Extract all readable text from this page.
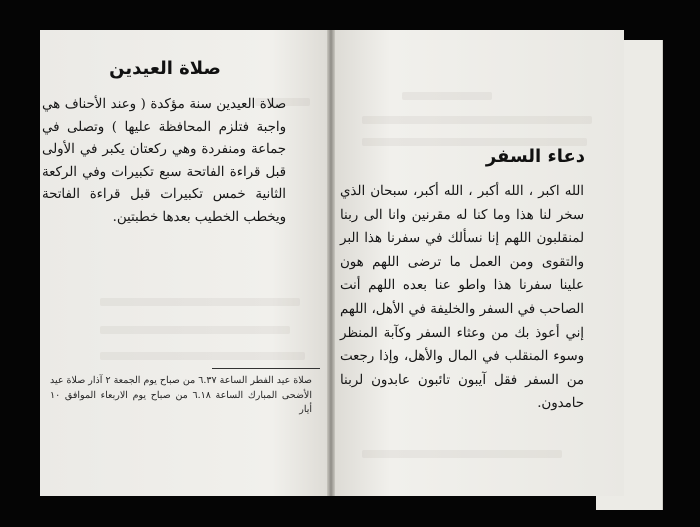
صلاة العيدين
صلاة العيدين سنة مؤكدة ( وعند الأحناف هي واجبة فتلزم المحافظة عليها ) وتصلى في جماعة ومنفردة وهي ركعتان يكبر في الأولى قبل قراءة الفاتحة سبع تكبيرات وفي الركعة الثانية خمس تكبيرات قبل قراءة الفاتحة ويخطب الخطيب بعدها خطبتين.
صلاة عيد الفطر الساعة ٦.٣٧ من صباح يوم الجمعة ٢ آذار صلاة عيد الأضحى المبارك الساعة ٦.١٨ من صباح يوم الاربعاء الموافق ١٠ أيار
دعاء السفر
الله اكبر ، الله أكبر ، الله أكبر، سبحان الذي سخر لنا هذا وما كنا له مقرنين وانا الى ربنا لمنقلبون اللهم إنا نسألك في سفرنا هذا البر والتقوى ومن العمل ما ترضى اللهم هون علينا سفرنا هذا واطو عنا بعده اللهم أنت الصاحب في السفر والخليفة في الأهل، اللهم إني أعوذ بك من وعثاء السفر وكآبة المنظر وسوء المنقلب في المال والأهل، وإذا رجعت من السفر فقل آيبون تائبون عابدون لربنا حامدون.
